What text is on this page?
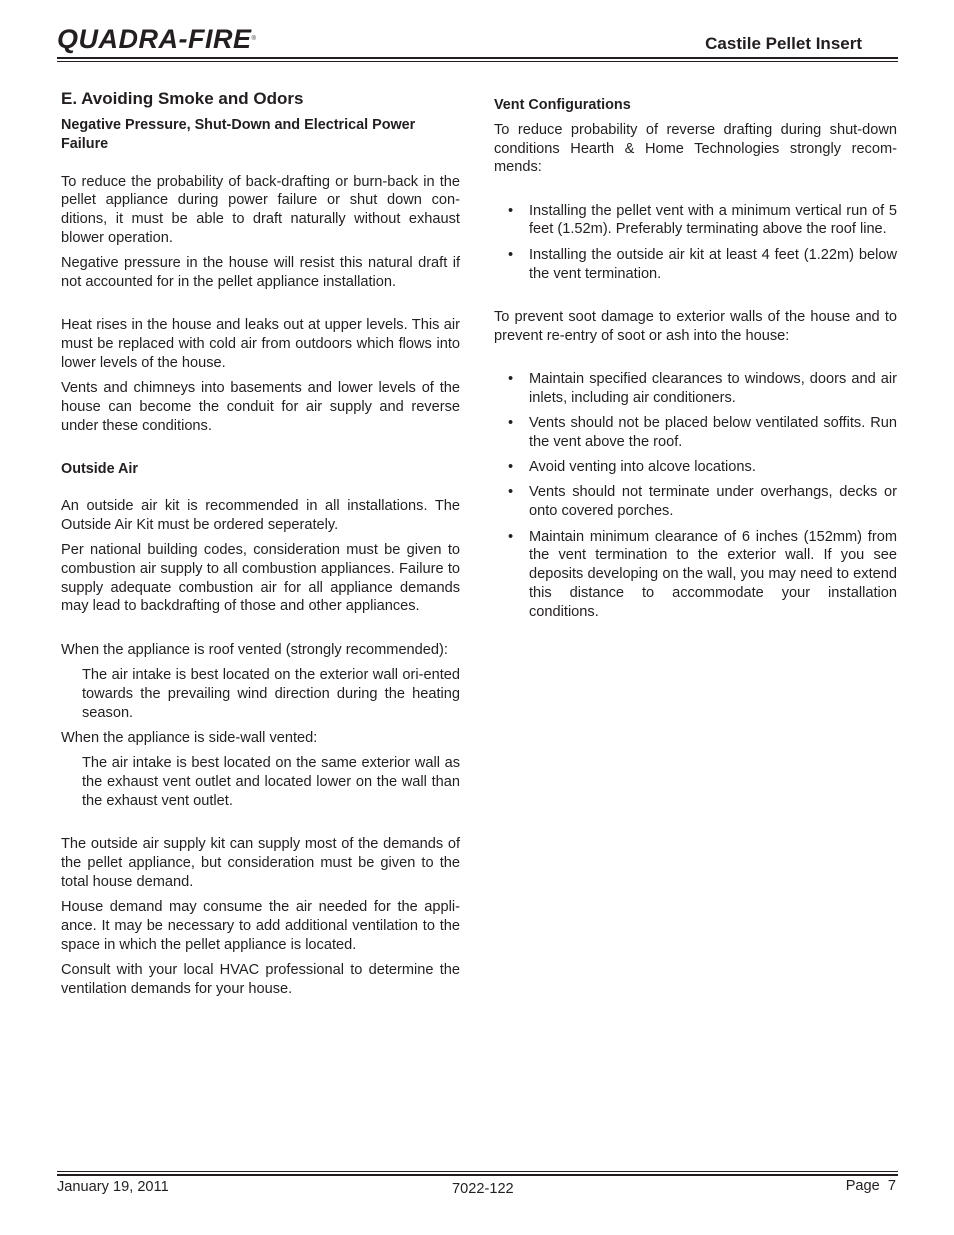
QUADRA-FIRE®	Castile Pellet Insert
E. Avoiding Smoke and Odors
Negative Pressure, Shut-Down and Electrical Power Failure

To reduce the probability of back-drafting or burn-back in the pellet appliance during power failure or shut down con-ditions, it must be able to draft naturally without exhaust blower operation.

Negative pressure in the house will resist this natural draft if not accounted for in the pellet appliance installation.

Heat rises in the house and leaks out at upper levels. This air must be replaced with cold air from outdoors which flows into lower levels of the house.

Vents and chimneys into basements and lower levels of the house can become the conduit for air supply and reverse under these conditions.

Outside Air

An outside air kit is recommended in all installations. The Outside Air Kit must be ordered seperately.

Per national building codes, consideration must be given to combustion air supply to all combustion appliances. Failure to supply adequate combustion air for all appliance demands may lead to backdrafting of those and other appliances.

When the appliance is roof vented (strongly recommended):

The air intake is best located on the exterior wall ori-ented towards the prevailing wind direction during the heating season.

When the appliance is side-wall vented:

The air intake is best located on the same exterior wall as the exhaust vent outlet and located lower on the wall than the exhaust vent outlet.

The outside air supply kit can supply most of the demands of the pellet appliance, but consideration must be given to the total house demand.

House demand may consume the air needed for the appli-ance. It may be necessary to add additional ventilation to the space in which the pellet appliance is located.

Consult with your local HVAC professional to determine the ventilation demands for your house.

Vent Configurations

To reduce probability of reverse drafting during shut-down conditions Hearth & Home Technologies strongly recom-mends:

• Installing the pellet vent with a minimum vertical run of 5 feet (1.52m). Preferably terminating above the roof line.
• Installing the outside air kit at least 4 feet (1.22m) below the vent termination.

To prevent soot damage to exterior walls of the house and to prevent re-entry of soot or ash into the house:

• Maintain specified clearances to windows, doors and air inlets, including air conditioners.
• Vents should not be placed below ventilated soffits. Run the vent above the roof.
• Avoid venting into alcove locations.
• Vents should not terminate under overhangs, decks or onto covered porches.
• Maintain minimum clearance of 6 inches (152mm) from the vent termination to the exterior wall. If you see deposits developing on the wall, you may need to extend this distance to accommodate your installation conditions.
January 19, 2011	7022-122	Page  7
